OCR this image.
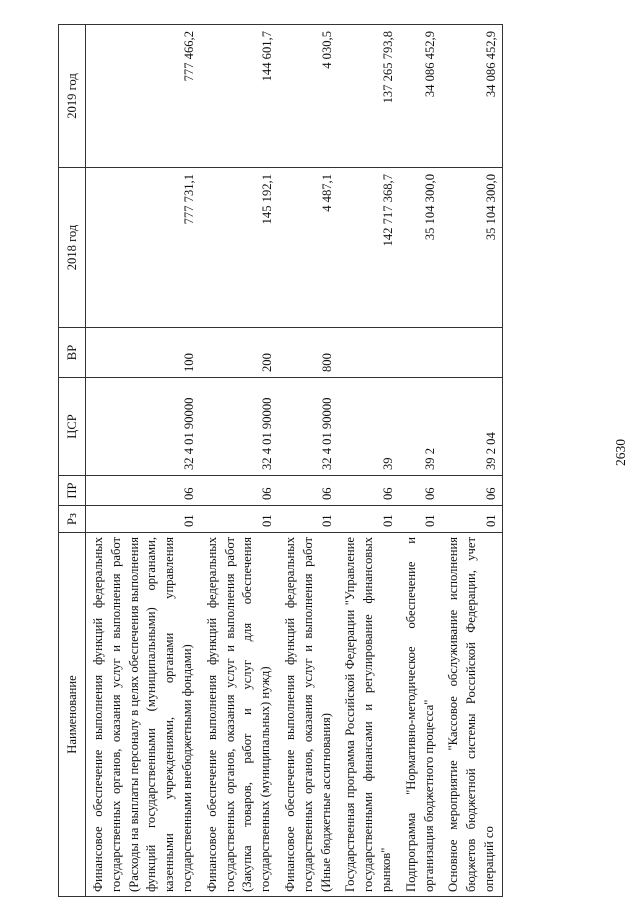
2630
Наименование	Рз	ПР	ЦСР	ВР	2018 год	2019 год
Финансовое обеспечение выполнения функций федеральных государственных органов, оказания услуг и выполнения работ (Расходы на выплаты персоналу в целях обеспечения выполнения функций государственными (муниципальными) органами, казенными учреждениями, органами управления государственными внебюджетными фондами)	01	06	32 4 01 90000	100	777 731,1	777 466,2
Финансовое обеспечение выполнения функций федеральных государственных органов, оказания услуг и выполнения работ (Закупка товаров, работ и услуг для обеспечения государственных (муниципальных) нужд)	01	06	32 4 01 90000	200	145 192,1	144 601,7
Финансовое обеспечение выполнения функций федеральных государственных органов, оказания услуг и выполнения работ (Иные бюджетные ассигнования)	01	06	32 4 01 90000	800	4 487,1	4 030,5
Государственная программа Российской Федерации "Управление государственными финансами и регулирование финансовых рынков"	01	06	39		142 717 368,7	137 265 793,8
Подпрограмма "Нормативно-методическое обеспечение и организация бюджетного процесса"	01	06	39 2		35 104 300,0	34 086 452,9
Основное мероприятие "Кассовое обслуживание исполнения бюджетов бюджетной системы Российской Федерации, учет операций со	01	06	39 2 04		35 104 300,0	34 086 452,9
